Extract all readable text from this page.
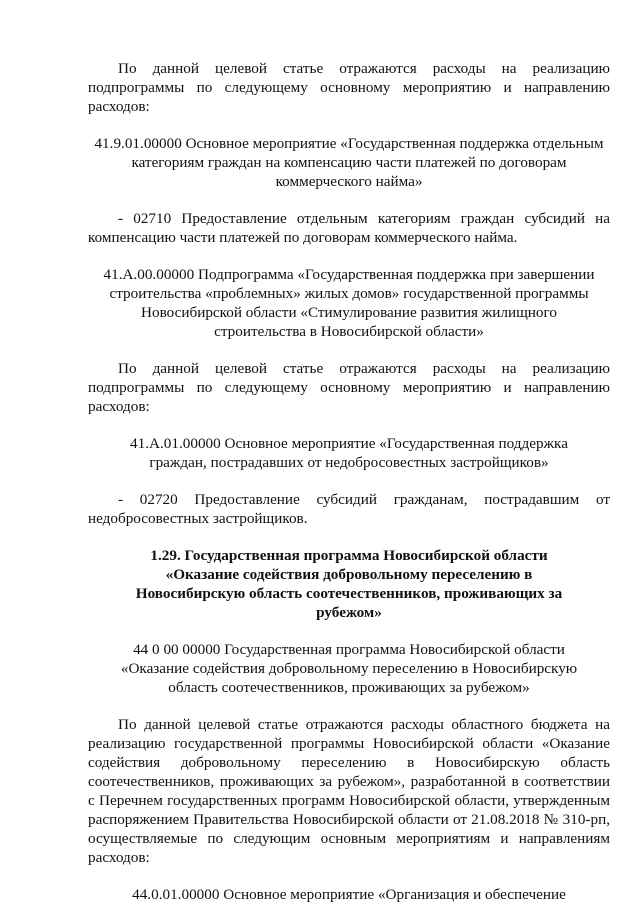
По данной целевой статье отражаются расходы на реализацию подпрограммы по следующему основному мероприятию и направлению расходов:

41.9.01.00000 Основное мероприятие «Государственная поддержка отдельным категориям граждан на компенсацию части платежей по договорам коммерческого найма»

- 02710 Предоставление отдельным категориям граждан субсидий на компенсацию части платежей по договорам коммерческого найма.

41.А.00.00000 Подпрограмма «Государственная поддержка при завершении строительства «проблемных» жилых домов» государственной программы Новосибирской области «Стимулирование развития жилищного строительства в Новосибирской области»

По данной целевой статье отражаются расходы на реализацию подпрограммы по следующему основному мероприятию и направлению расходов:

41.А.01.00000 Основное мероприятие «Государственная поддержка граждан, пострадавших от недобросовестных застройщиков»

- 02720 Предоставление субсидий гражданам, пострадавшим от недобросовестных застройщиков.

1.29. Государственная программа Новосибирской области «Оказание содействия добровольному переселению в Новосибирскую область соотечественников, проживающих за рубежом»

44 0 00 00000 Государственная программа Новосибирской области «Оказание содействия добровольному переселению в Новосибирскую область соотечественников, проживающих за рубежом»

По данной целевой статье отражаются расходы областного бюджета на реализацию государственной программы Новосибирской области «Оказание содействия добровольному переселению в Новосибирскую область соотечественников, проживающих за рубежом», разработанной в соответствии с Перечнем государственных программ Новосибирской области, утвержденным распоряжением Правительства Новосибирской области от 21.08.2018 № 310-рп, осуществляемые по следующим основным мероприятиям и направлениям расходов:

44.0.01.00000 Основное мероприятие «Организация и обеспечение
